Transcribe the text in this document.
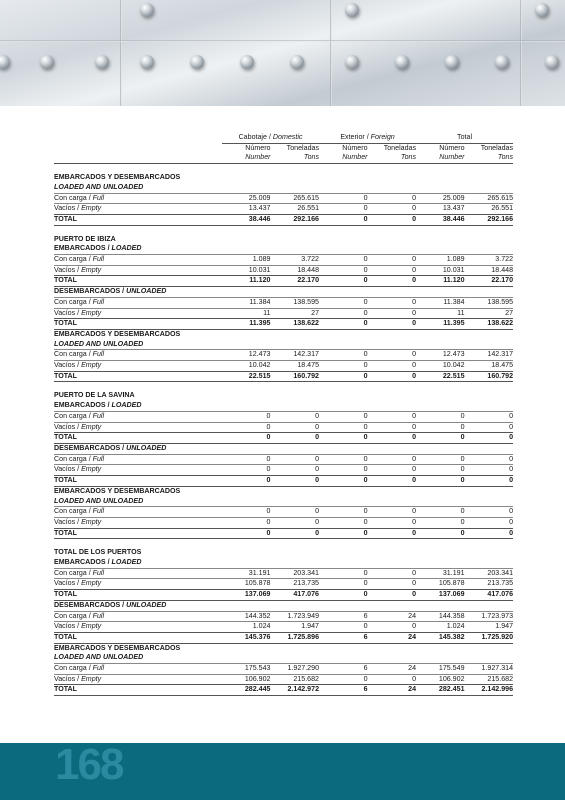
	Cabotaje / Domestic		Exterior / Foreign		Total	
	Número	Toneladas	Número	Toneladas	Número	Toneladas
	Number	Tons	Number	Tons	Number	Tons

EMBARCADOS Y DESEMBARCADOS						
LOADED AND UNLOADED						
Con carga / Full	25.009	265.615	0	0	25.009	265.615
Vacíos / Empty	13.437	26.551	0	0	13.437	26.551
TOTAL	38.446	292.166	0	0	38.446	292.166

PUERTO DE IBIZA						
EMBARCADOS / LOADED						
Con carga / Full	1.089	3.722	0	0	1.089	3.722
Vacíos / Empty	10.031	18.448	0	0	10.031	18.448
TOTAL	11.120	22.170	0	0	11.120	22.170
DESEMBARCADOS / UNLOADED						
Con carga / Full	11.384	138.595	0	0	11.384	138.595
Vacíos / Empty	11	27	0	0	11	27
TOTAL	11.395	138.622	0	0	11.395	138.622
EMBARCADOS Y DESEMBARCADOS						
LOADED AND UNLOADED						
Con carga / Full	12.473	142.317	0	0	12.473	142.317
Vacíos / Empty	10.042	18.475	0	0	10.042	18.475
TOTAL	22.515	160.792	0	0	22.515	160.792

PUERTO DE LA SAVINA						
EMBARCADOS / LOADED						
Con carga / Full	0	0	0	0	0	0
Vacíos / Empty	0	0	0	0	0	0
TOTAL	0	0	0	0	0	0
DESEMBARCADOS / UNLOADED						
Con carga / Full	0	0	0	0	0	0
Vacíos / Empty	0	0	0	0	0	0
TOTAL	0	0	0	0	0	0
EMBARCADOS Y DESEMBARCADOS						
LOADED AND UNLOADED						
Con carga / Full	0	0	0	0	0	0
Vacíos / Empty	0	0	0	0	0	0
TOTAL	0	0	0	0	0	0

TOTAL DE LOS PUERTOS						
EMBARCADOS / LOADED						
Con carga / Full	31.191	203.341	0	0	31.191	203.341
Vacíos / Empty	105.878	213.735	0	0	105.878	213.735
TOTAL	137.069	417.076	0	0	137.069	417.076
DESEMBARCADOS / UNLOADED						
Con carga / Full	144.352	1.723.949	6	24	144.358	1.723.973
Vacíos / Empty	1.024	1.947	0	0	1.024	1.947
TOTAL	145.376	1.725.896	6	24	145.382	1.725.920
EMBARCADOS Y DESEMBARCADOS						
LOADED AND UNLOADED						
Con carga / Full	175.543	1.927.290	6	24	175.549	1.927.314
Vacíos / Empty	106.902	215.682	0	0	106.902	215.682
TOTAL	282.445	2.142.972	6	24	282.451	2.142.996
168
